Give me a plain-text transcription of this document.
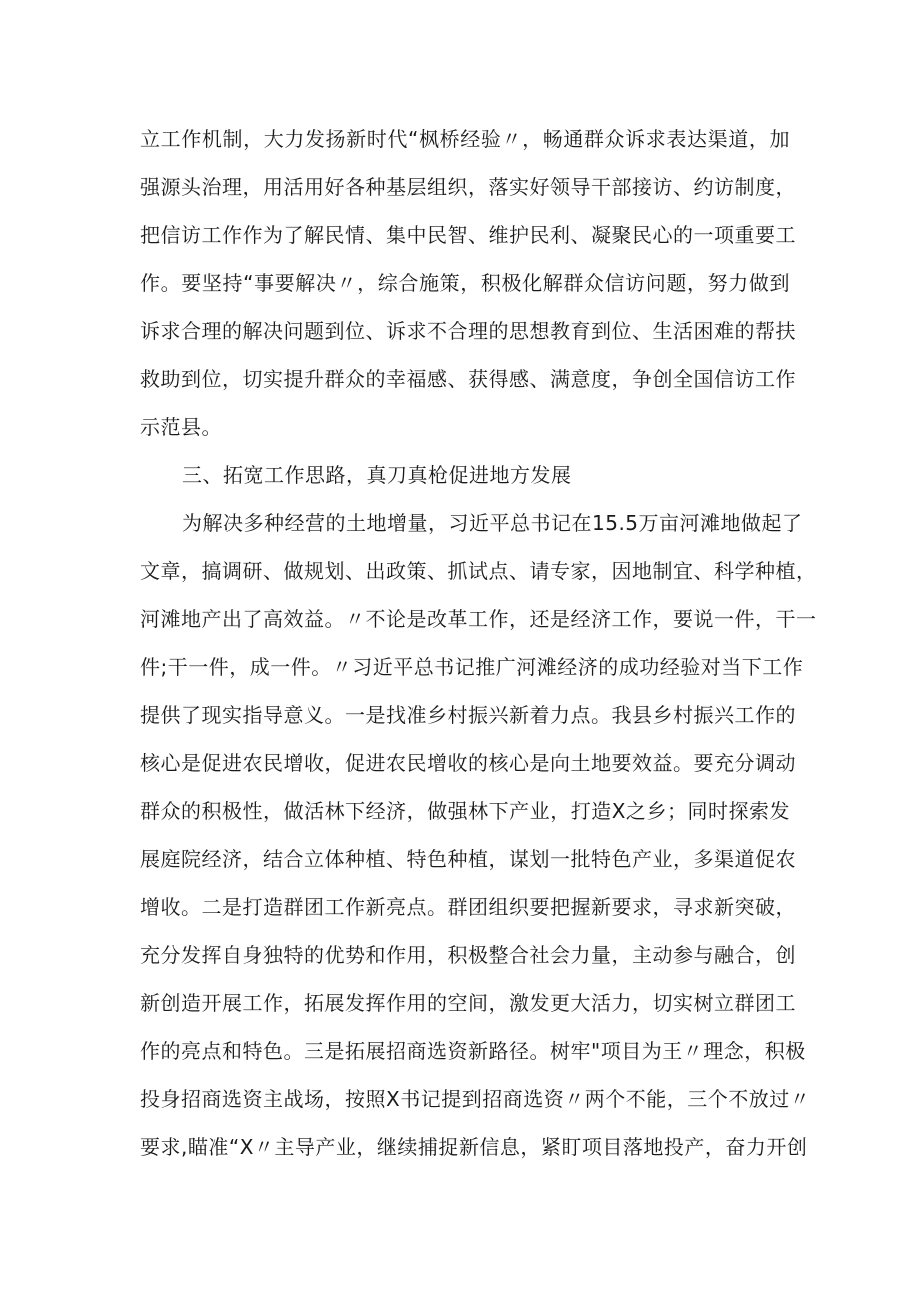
立工作机制，大力发扬新时代“枫桥经验〃，畅通群众诉求表达渠道，加
强源头治理，用活用好各种基层组织，落实好领导干部接访、约访制度，
把信访工作作为了解民情、集中民智、维护民利、凝聚民心的一项重要工
作。要坚持“事要解决〃，综合施策，积极化解群众信访问题，努力做到
诉求合理的解决问题到位、诉求不合理的思想教育到位、生活困难的帮扶
救助到位，切实提升群众的幸福感、获得感、满意度，争创全国信访工作
示范县。
三、拓宽工作思路，真刀真枪促进地方发展
为解决多种经营的土地增量，习近平总书记在15.5万亩河滩地做起了
文章，搞调研、做规划、出政策、抓试点、请专家，因地制宜、科学种植，
河滩地产出了高效益。〃不论是改革工作，还是经济工作，要说一件，干一
件;干一件，成一件。〃习近平总书记推广河滩经济的成功经验对当下工作
提供了现实指导意义。一是找准乡村振兴新着力点。我县乡村振兴工作的
核心是促进农民增收，促进农民增收的核心是向土地要效益。要充分调动
群众的积极性，做活林下经济，做强林下产业，打造X之乡；同时探索发
展庭院经济，结合立体种植、特色种植，谋划一批特色产业，多渠道促农
增收。二是打造群团工作新亮点。群团组织要把握新要求，寻求新突破，
充分发挥自身独特的优势和作用，积极整合社会力量，主动参与融合，创
新创造开展工作，拓展发挥作用的空间，激发更大活力，切实树立群团工
作的亮点和特色。三是拓展招商选资新路径。树牢"项目为王〃理念，积极
投身招商选资主战场，按照X书记提到招商选资〃两个不能，三个不放过〃
要求,瞄准“X〃主导产业，继续捕捉新信息，紧盯项目落地投产，奋力开创
